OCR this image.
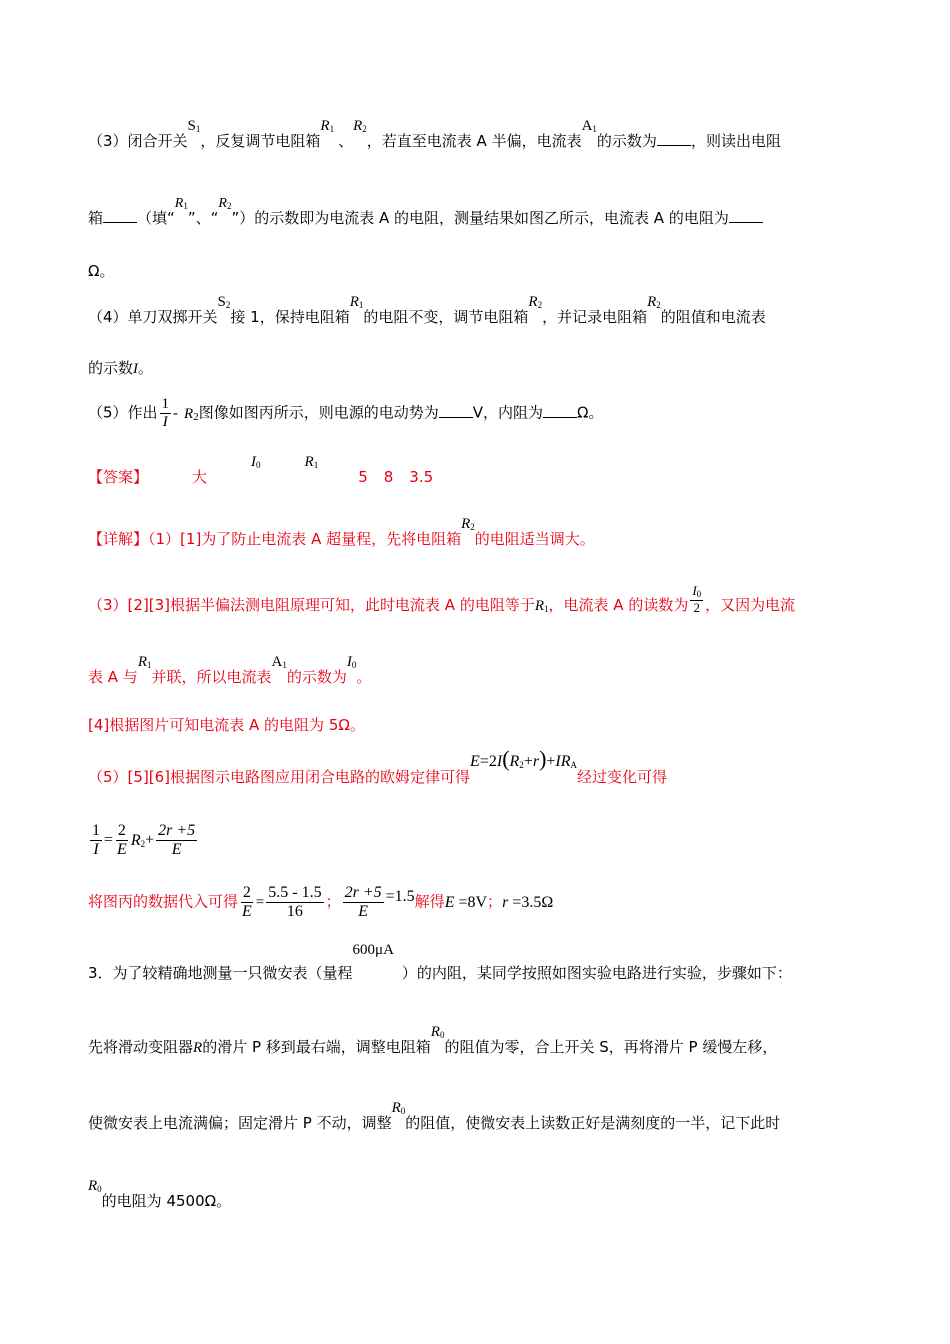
（3）闭合开关$S_1$，反复调节电阻箱$R_1$、$R_2$，若直至电流表 A 半偏，电流表$A_1$的示数为 ，则读出电阻
箱 （填“$R_1$”、“$R_2$”）的示数即为电流表 A 的电阻，测量结果如图乙所示，电流表 A 的电阻为
Ω。
（4）单刀双掷开关$S_2$接 1，保持电阻箱$R_1$的电阻不变，调节电阻箱$R_2$，并记录电阻箱$R_2$的阻值和电流表
的示数I。
（5）作出 $\frac{1}{I} - R2$图像如图丙所示，则电源的电动势为 V，内阻为 Ω。
【答案】	大$I_0$	$R_15$ 8 3.5
【详解】（1）[1]为了防止电流表 A 超量程，先将电阻箱$R_2$的电阻适当调大。
（3）[2][3]根据半偏法测电阻原理可知，此时电流表 A 的电阻等于$R_1$，电流表 A 的读数为 $\frac{I_0}{2}$ ，又因为电流
表 A 与$R_1$并联，所以电流表$A_1$的示数为$I_0$。
[4]根据图片可知电流表 A 的电阻为 5Ω。
（5）[5][6]根据图示电路图应用闭合电路的欧姆定律可得$E=2I(R_2+r)+IR_A$经过变化可得
$\frac{1}{I} = \frac{2}{E} R_2+ \frac{2r +5}{E}$
将图丙的数据代入可得 $\frac{2}{E} = \frac{5.5 - 1.5}{16}$ ； $\frac{2r +5}{E} =1.5$解得E =8V；r =3.5Ω
3．为了较精确地测量一只微安表（量程600μA）的内阻，某同学按照如图实验电路进行实验，步骤如下：
先将滑动变阻器R的滑片 P 移到最右端，调整电阻箱$R_0$的阻值为零，合上开关 S，再将滑片 P 缓慢左移，
使微安表上电流满偏；固定滑片 P 不动，调整$R_0$的阻值，使微安表上读数正好是满刻度的一半，记下此时
$R_0$的电阻为 4500Ω。
